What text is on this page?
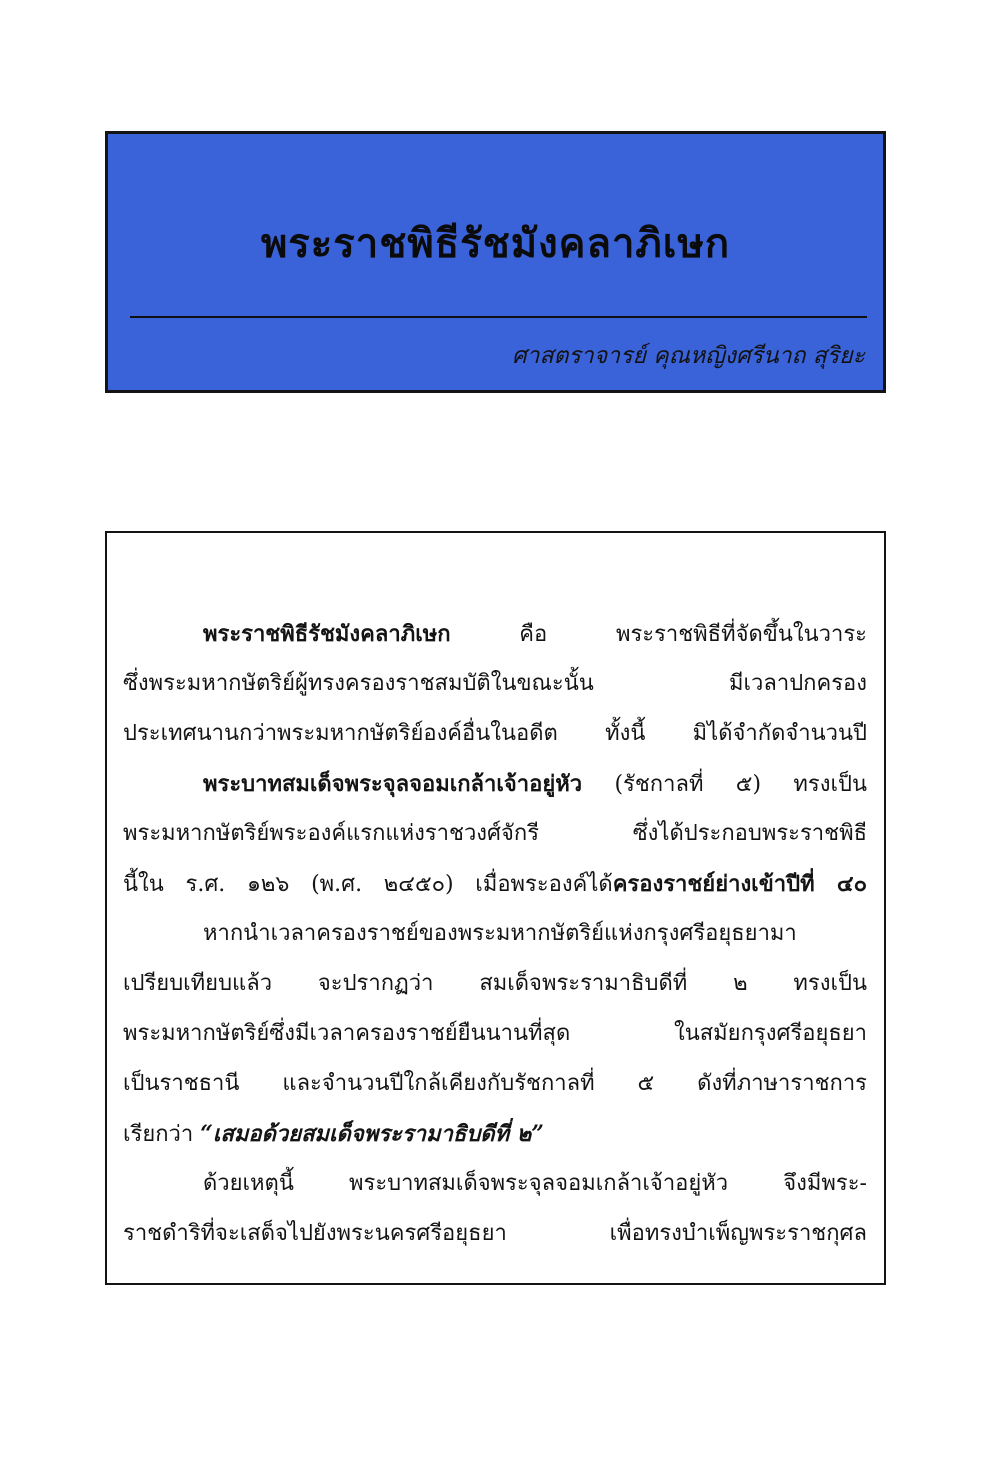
พระราชพิธีรัชมังคลาภิเษก
ศาสตราจารย์ คุณหญิงศรีนาถ สุริยะ
พระราชพิธีรัชมังคลาภิเษก คือ พระราชพิธีที่จัดขึ้นในวาระ
ซึ่งพระมหากษัตริย์ผู้ทรงครองราชสมบัติในขณะนั้น มีเวลาปกครอง
ประเทศนานกว่าพระมหากษัตริย์องค์อื่นในอดีต ทั้งนี้ มิได้จำกัดจำนวนปี
พระบาทสมเด็จพระจุลจอมเกล้าเจ้าอยู่หัว (รัชกาลที่ ๕) ทรงเป็น
พระมหากษัตริย์พระองค์แรกแห่งราชวงศ์จักรี ซึ่งได้ประกอบพระราชพิธี
นี้ใน ร.ศ. ๑๒๖ (พ.ศ. ๒๔๕๐) เมื่อพระองค์ได้ครองราชย์ย่างเข้าปีที่ ๔๐
หากนำเวลาครองราชย์ของพระมหากษัตริย์แห่งกรุงศรีอยุธยามา
เปรียบเทียบแล้ว จะปรากฏว่า สมเด็จพระรามาธิบดีที่ ๒ ทรงเป็น
พระมหากษัตริย์ซึ่งมีเวลาครองราชย์ยืนนานที่สุด ในสมัยกรุงศรีอยุธยา
เป็นราชธานี และจำนวนปีใกล้เคียงกับรัชกาลที่ ๕ ดังที่ภาษาราชการ
เรียกว่า “เสมอด้วยสมเด็จพระรามาธิบดีที่ ๒”
ด้วยเหตุนี้ พระบาทสมเด็จพระจุลจอมเกล้าเจ้าอยู่หัว จึงมีพระ-
ราชดำริที่จะเสด็จไปยังพระนครศรีอยุธยา เพื่อทรงบำเพ็ญพระราชกุศล
